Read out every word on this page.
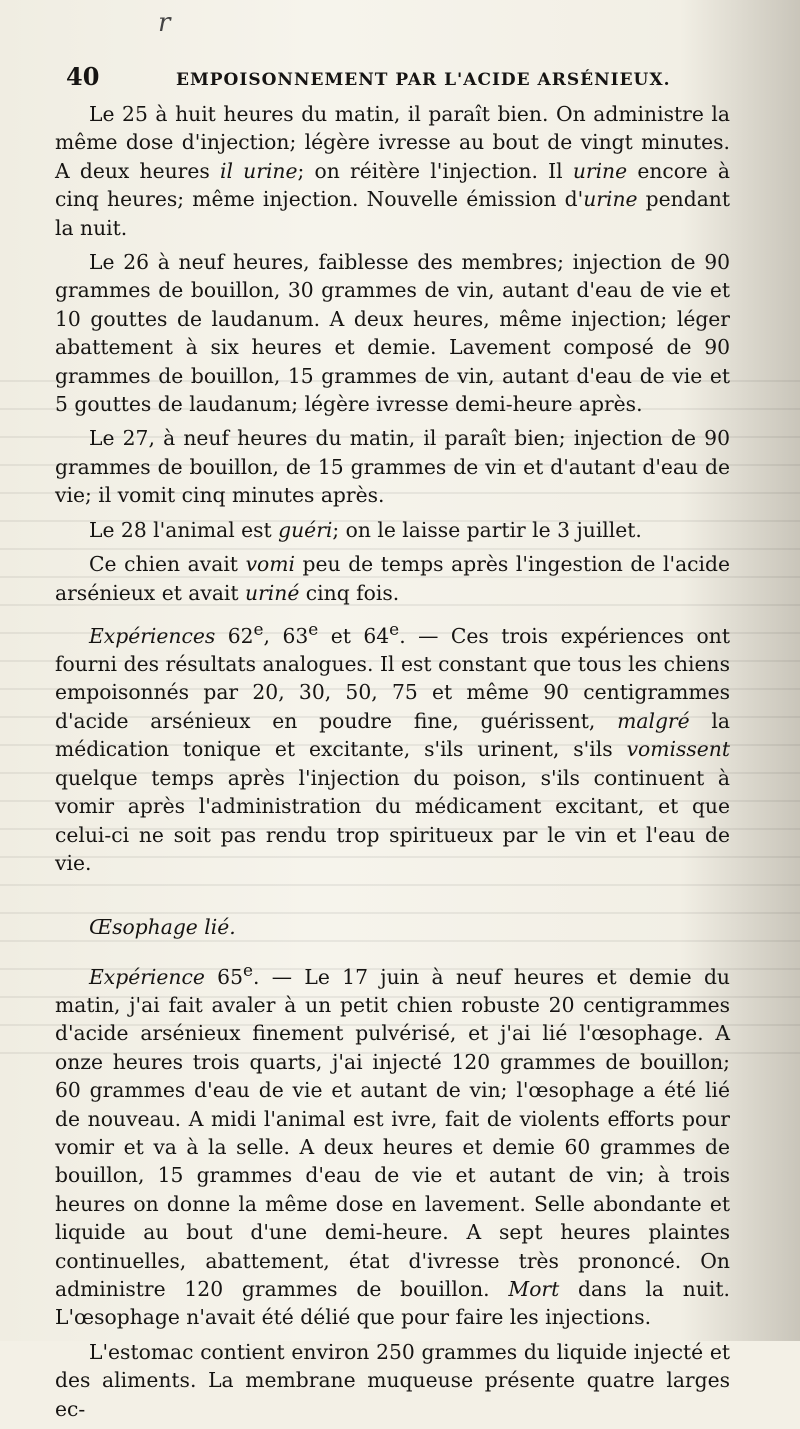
r
40	EMPOISONNEMENT PAR L'ACIDE ARSÉNIEUX.

Le 25 à huit heures du matin, il paraît bien. On administre la même dose d'injection; légère ivresse au bout de vingt minutes. A deux heures il urine; on réitère l'injection. Il urine encore à cinq heures; même injection. Nouvelle émission d'urine pendant la nuit.

Le 26 à neuf heures, faiblesse des membres; injection de 90 grammes de bouillon, 30 grammes de vin, autant d'eau de vie et 10 gouttes de laudanum. A deux heures, même injection; léger abattement à six heures et demie. Lavement composé de 90 grammes de bouillon, 15 grammes de vin, autant d'eau de vie et 5 gouttes de laudanum; légère ivresse demi-heure après.

Le 27, à neuf heures du matin, il paraît bien; injection de 90 grammes de bouillon, de 15 grammes de vin et d'autant d'eau de vie; il vomit cinq minutes après.

Le 28 l'animal est guéri; on le laisse partir le 3 juillet.

Ce chien avait vomi peu de temps après l'ingestion de l'acide arsénieux et avait uriné cinq fois.

Expériences 62e, 63e et 64e. — Ces trois expériences ont fourni des résultats analogues. Il est constant que tous les chiens empoisonnés par 20, 30, 50, 75 et même 90 centigrammes d'acide arsénieux en poudre fine, guérissent, malgré la médication tonique et excitante, s'ils urinent, s'ils vomissent quelque temps après l'injection du poison, s'ils continuent à vomir après l'administration du médicament excitant, et que celui-ci ne soit pas rendu trop spiritueux par le vin et l'eau de vie.

Œsophage lié.

Expérience 65e. — Le 17 juin à neuf heures et demie du matin, j'ai fait avaler à un petit chien robuste 20 centigrammes d'acide arsénieux finement pulvérisé, et j'ai lié l'œsophage. A onze heures trois quarts, j'ai injecté 120 grammes de bouillon; 60 grammes d'eau de vie et autant de vin; l'œsophage a été lié de nouveau. A midi l'animal est ivre, fait de violents efforts pour vomir et va à la selle. A deux heures et demie 60 grammes de bouillon, 15 grammes d'eau de vie et autant de vin; à trois heures on donne la même dose en lavement. Selle abondante et liquide au bout d'une demi-heure. A sept heures plaintes continuelles, abattement, état d'ivresse très prononcé. On administre 120 grammes de bouillon. Mort dans la nuit. L'œsophage n'avait été délié que pour faire les injections.

L'estomac contient environ 250 grammes du liquide injecté et des aliments. La membrane muqueuse présente quatre larges ec-
